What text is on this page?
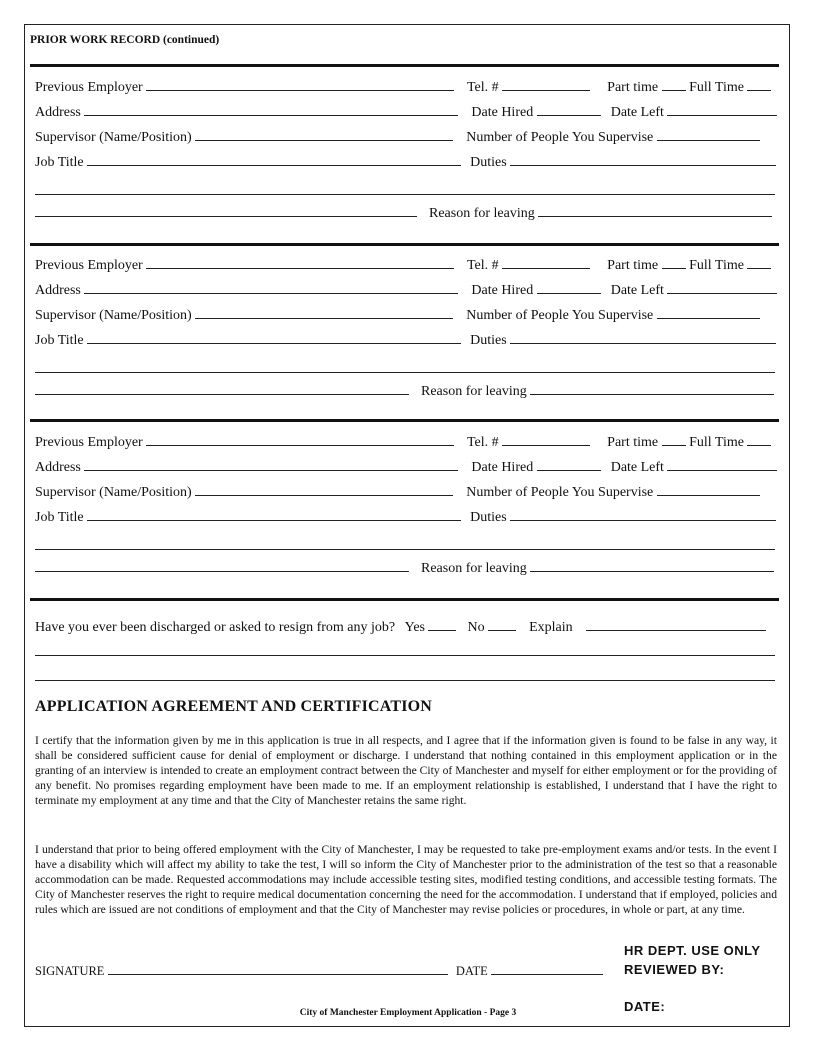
PRIOR WORK RECORD (continued)
Previous Employer	Tel. #	Part time Full Time
Address	Date Hired	Date Left
Supervisor (Name/Position)	Number of People You Supervise
Job Title	Duties
Reason for leaving
Previous Employer	Tel. #	Part time Full Time
Address	Date Hired	Date Left
Supervisor (Name/Position)	Number of People You Supervise
Job Title	Duties
Reason for leaving
Previous Employer	Tel. #	Part time Full Time
Address	Date Hired	Date Left
Supervisor (Name/Position)	Number of People You Supervise
Job Title	Duties
Reason for leaving
Have you ever been discharged or asked to resign from any job? Yes	No	Explain
APPLICATION AGREEMENT AND CERTIFICATION
I certify that the information given by me in this application is true in all respects, and I agree that if the information given is found to be false in any way, it shall be considered sufficient cause for denial of employment or discharge. I understand that nothing contained in this employment application or in the granting of an interview is intended to create an employment contract between the City of Manchester and myself for either employment or for the providing of any benefit. No promises regarding employment have been made to me. If an employment relationship is established, I understand that I have the right to terminate my employment at any time and that the City of Manchester retains the same right.
I understand that prior to being offered employment with the City of Manchester, I may be requested to take pre-employment exams and/or tests. In the event I have a disability which will affect my ability to take the test, I will so inform the City of Manchester prior to the administration of the test so that a reasonable accommodation can be made. Requested accommodations may include accessible testing sites, modified testing conditions, and accessible testing formats. The City of Manchester reserves the right to require medical documentation concerning the need for the accommodation. I understand that if employed, policies and rules which are issued are not conditions of employment and that the City of Manchester may revise policies or procedures, in whole or part, at any time.
SIGNATURE	DATE
HR DEPT. USE ONLY
REVIEWED BY:
DATE:
City of Manchester Employment Application - Page 3
